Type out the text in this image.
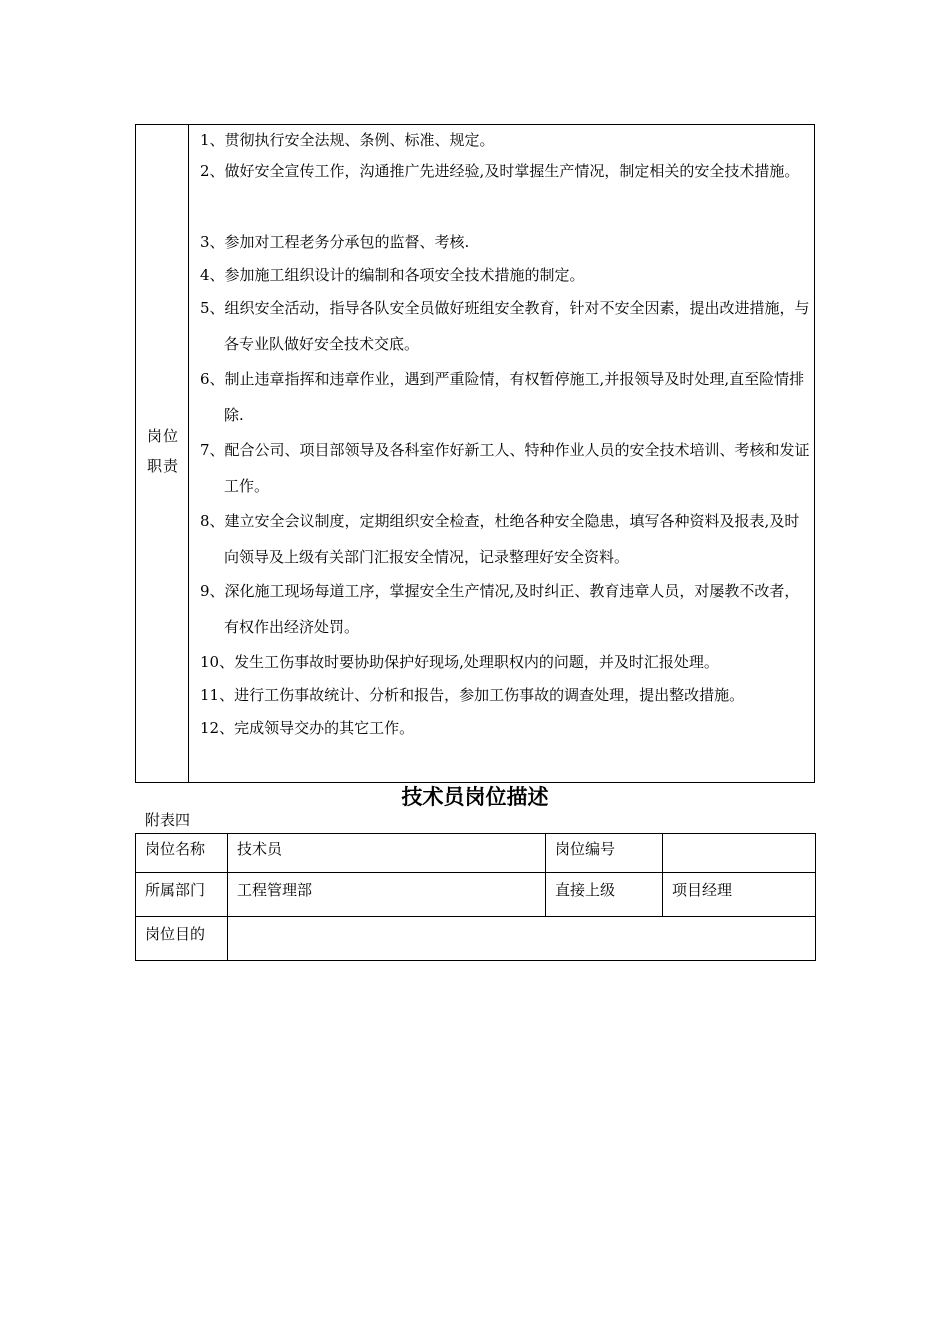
岗位
职责
1、贯彻执行安全法规、条例、标准、规定。
2、做好安全宣传工作，沟通推广先进经验,及时掌握生产情况，制定相关的安全技术措施。
3、参加对工程老务分承包的监督、考核.
4、参加施工组织设计的编制和各项安全技术措施的制定。
5、组织安全活动，指导各队安全员做好班组安全教育，针对不安全因素，提出改进措施，与各专业队做好安全技术交底。
6、制止违章指挥和违章作业，遇到严重险情，有权暂停施工,并报领导及时处理,直至险情排除.
7、配合公司、项目部领导及各科室作好新工人、特种作业人员的安全技术培训、考核和发证工作。
8、建立安全会议制度，定期组织安全检查，杜绝各种安全隐患，填写各种资料及报表,及时向领导及上级有关部门汇报安全情况，记录整理好安全资料。
9、深化施工现场每道工序，掌握安全生产情况,及时纠正、教育违章人员，对屡教不改者，有权作出经济处罚。
10、发生工伤事故时要协助保护好现场,处理职权内的问题，并及时汇报处理。
11、进行工伤事故统计、分析和报告，参加工伤事故的调查处理，提出整改措施。
12、完成领导交办的其它工作。
技术员岗位描述
附表四
岗位名称	技术员	岗位编号	
所属部门	工程管理部	直接上级	项目经理
岗位目的			
